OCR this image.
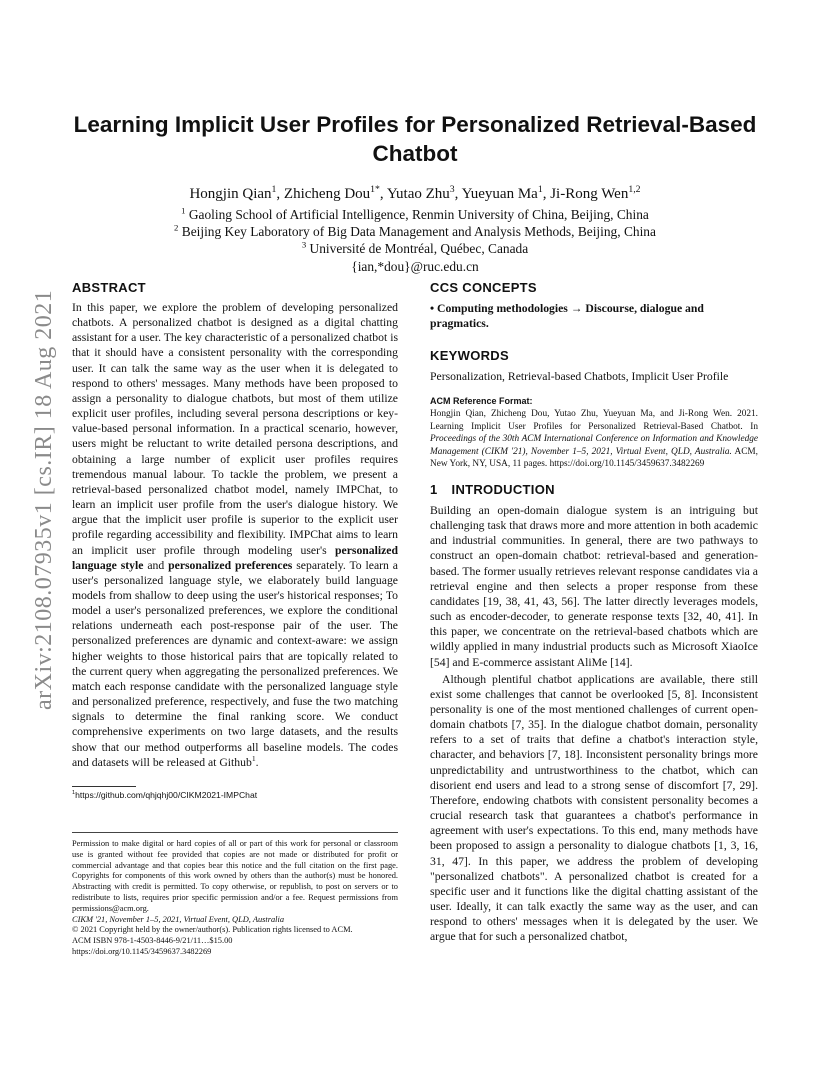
arXiv:2108.07935v1 [cs.IR] 18 Aug 2021
Learning Implicit User Profiles for Personalized Retrieval-Based Chatbot
Hongjin Qian$^1$, Zhicheng Dou$^{1*}$, Yutao Zhu$^3$, Yueyuan Ma$^1$, Ji-Rong Wen$^{1,2}$
$^1$ Gaoling School of Artificial Intelligence, Renmin University of China, Beijing, China
$^2$ Beijing Key Laboratory of Big Data Management and Analysis Methods, Beijing, China
$^3$ Université de Montréal, Québec, Canada
{ian,*dou}@ruc.edu.cn
ABSTRACT

In this paper, we explore the problem of developing personalized chatbots. A personalized chatbot is designed as a digital chatting assistant for a user. The key characteristic of a personalized chatbot is that it should have a consistent personality with the corresponding user. It can talk the same way as the user when it is delegated to respond to others' messages. Many methods have been proposed to assign a personality to dialogue chatbots, but most of them utilize explicit user profiles, including several persona descriptions or key-value-based personal information. In a practical scenario, however, users might be reluctant to write detailed persona descriptions, and obtaining a large number of explicit user profiles requires tremendous manual labour. To tackle the problem, we present a retrieval-based personalized chatbot model, namely IMPChat, to learn an implicit user profile from the user's dialogue history. We argue that the implicit user profile is superior to the explicit user profile regarding accessibility and flexibility. IMPChat aims to learn an implicit user profile through modeling user's personalized language style and personalized preferences separately. To learn a user's personalized language style, we elaborately build language models from shallow to deep using the user's historical responses; To model a user's personalized preferences, we explore the conditional relations underneath each post-response pair of the user. The personalized preferences are dynamic and context-aware: we assign higher weights to those historical pairs that are topically related to the current query when aggregating the personalized preferences. We match each response candidate with the personalized language style and personalized preference, respectively, and fuse the two matching signals to determine the final ranking score. We conduct comprehensive experiments on two large datasets, and the results show that our method outperforms all baseline models. The codes and datasets will be released at Github$^1$.

$^1$https://github.com/qhjqhj00/CIKM2021-IMPChat

Permission to make digital or hard copies of all or part of this work for personal or classroom use is granted without fee provided that copies are not made or distributed for profit or commercial advantage and that copies bear this notice and the full citation on the first page. Copyrights for components of this work owned by others than the author(s) must be honored. Abstracting with credit is permitted. To copy otherwise, or republish, to post on servers or to redistribute to lists, requires prior specific permission and/or a fee. Request permissions from permissions@acm.org.

CIKM '21, November 1–5, 2021, Virtual Event, QLD, Australia

© 2021 Copyright held by the owner/author(s). Publication rights licensed to ACM.

ACM ISBN 978-1-4503-8446-9/21/11…$15.00

https://doi.org/10.1145/3459637.3482269

CCS CONCEPTS
• Computing methodologies → Discourse, dialogue and pragmatics.
KEYWORDS
Personalization, Retrieval-based Chatbots, Implicit User Profile
ACM Reference Format:
Hongjin Qian, Zhicheng Dou, Yutao Zhu, Yueyuan Ma, and Ji-Rong Wen. 2021. Learning Implicit User Profiles for Personalized Retrieval-Based Chatbot. In Proceedings of the 30th ACM International Conference on Information and Knowledge Management (CIKM '21), November 1–5, 2021, Virtual Event, QLD, Australia. ACM, New York, NY, USA, 11 pages. https://doi.org/10.1145/3459637.3482269
1 INTRODUCTION

Building an open-domain dialogue system is an intriguing but challenging task that draws more and more attention in both academic and industrial communities. In general, there are two pathways to construct an open-domain chatbot: retrieval-based and generation-based. The former usually retrieves relevant response candidates via a retrieval engine and then selects a proper response from these candidates [19, 38, 41, 43, 56]. The latter directly leverages models, such as encoder-decoder, to generate response texts [32, 40, 41]. In this paper, we concentrate on the retrieval-based chatbots which are wildly applied in many industrial products such as Microsoft XiaoIce [54] and E-commerce assistant AliMe [14].

Although plentiful chatbot applications are available, there still exist some challenges that cannot be overlooked [5, 8]. Inconsistent personality is one of the most mentioned challenges of current open-domain chatbots [7, 35]. In the dialogue chatbot domain, personality refers to a set of traits that define a chatbot's interaction style, character, and behaviors [7, 18]. Inconsistent personality brings more unpredictability and untrustworthiness to the chatbot, which can disorient end users and lead to a strong sense of discomfort [7, 29]. Therefore, endowing chatbots with consistent personality becomes a crucial research task that guarantees a chatbot's performance in agreement with user's expectations. To this end, many methods have been proposed to assign a personality to dialogue chatbots [1, 3, 16, 31, 47]. In this paper, we address the problem of developing "personalized chatbots". A personalized chatbot is created for a specific user and it functions like the digital chatting assistant of the user. Ideally, it can talk exactly the same way as the user, and can respond to others' messages when it is delegated by the user. We argue that for such a personalized chatbot,
